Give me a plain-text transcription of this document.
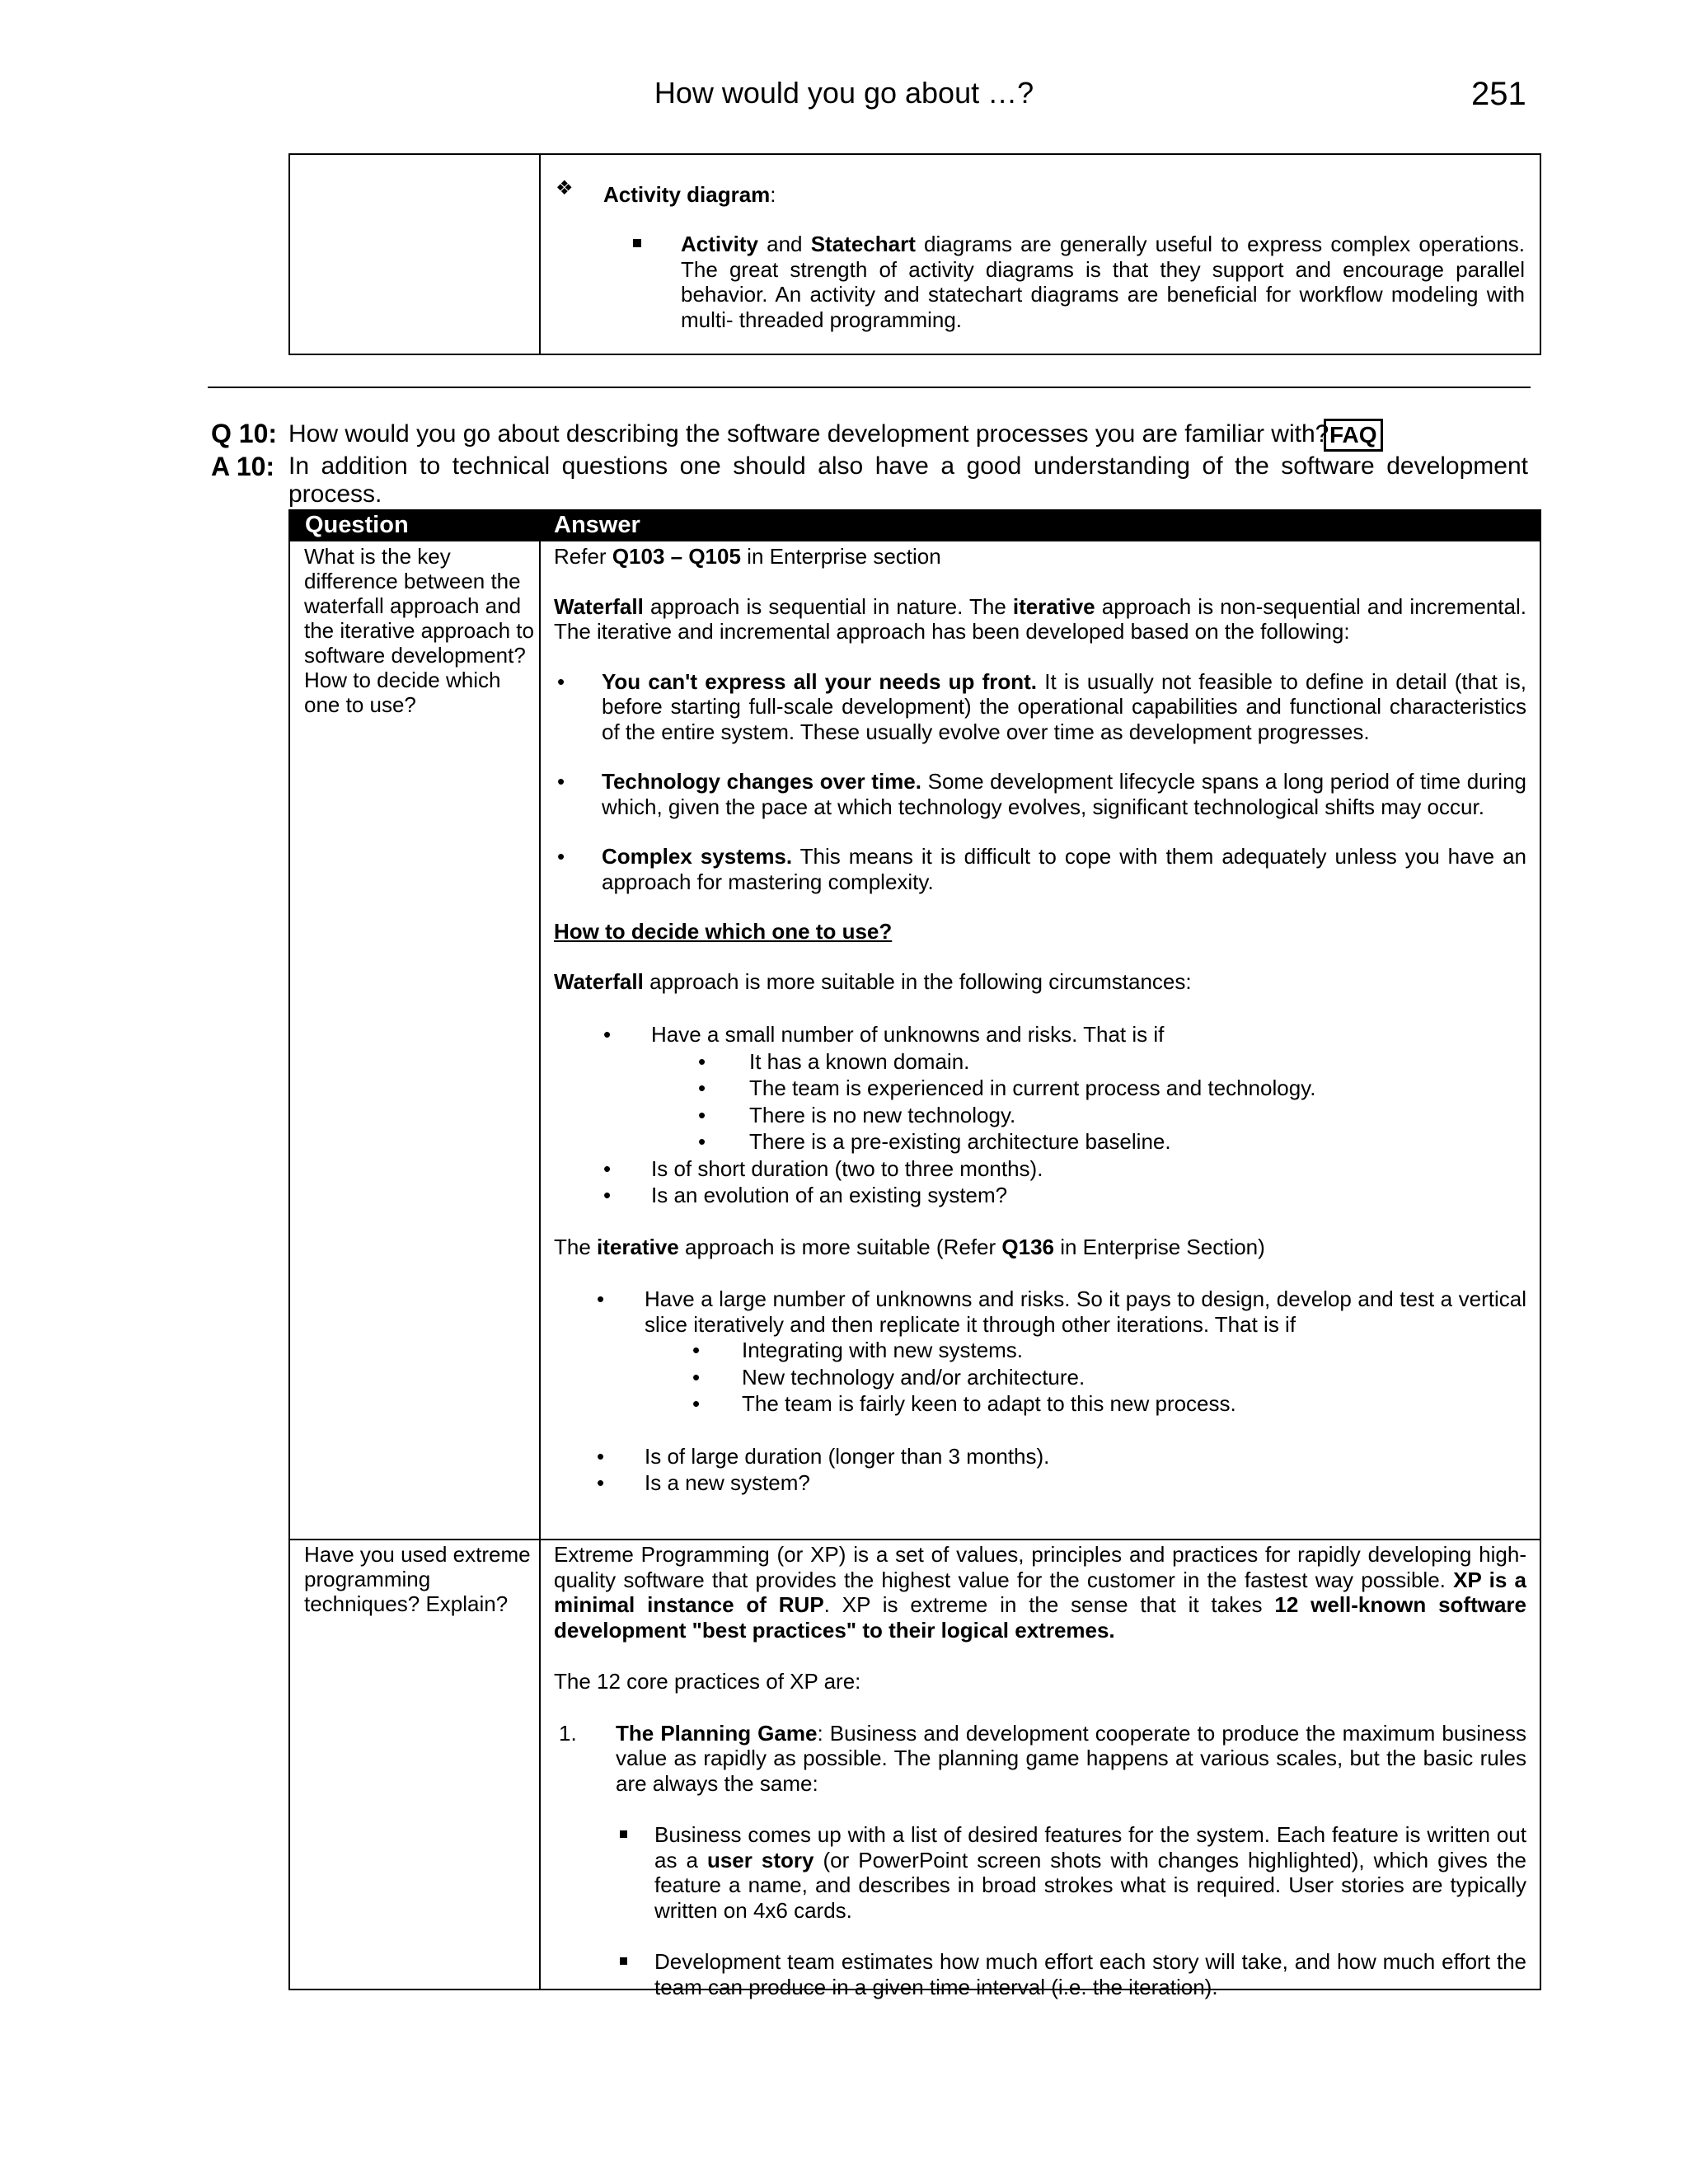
How would you go about …?	251
❖ Activity diagram:
Activity and Statechart diagrams are generally useful to express complex operations. The great strength of activity diagrams is that they support and encourage parallel behavior. An activity and statechart diagrams are beneficial for workflow modeling with multi- threaded programming.
Q 10: How would you go about describing the software development processes you are familiar with? FAQ
A 10: In addition to technical questions one should also have a good understanding of the software development process.
Question	Answer
What is the key difference between the waterfall approach and the iterative approach to software development? How to decide which one to use?
Refer Q103 – Q105 in Enterprise section
Waterfall approach is sequential in nature. The iterative approach is non-sequential and incremental. The iterative and incremental approach has been developed based on the following:
• You can't express all your needs up front. It is usually not feasible to define in detail (that is, before starting full-scale development) the operational capabilities and functional characteristics of the entire system. These usually evolve over time as development progresses.
• Technology changes over time. Some development lifecycle spans a long period of time during which, given the pace at which technology evolves, significant technological shifts may occur.
• Complex systems. This means it is difficult to cope with them adequately unless you have an approach for mastering complexity.
How to decide which one to use?
Waterfall approach is more suitable in the following circumstances:
• Have a small number of unknowns and risks. That is if
• It has a known domain.
• The team is experienced in current process and technology.
• There is no new technology.
• There is a pre-existing architecture baseline.
• Is of short duration (two to three months).
• Is an evolution of an existing system?
The iterative approach is more suitable (Refer Q136 in Enterprise Section)
• Have a large number of unknowns and risks. So it pays to design, develop and test a vertical slice iteratively and then replicate it through other iterations. That is if
• Integrating with new systems.
• New technology and/or architecture.
• The team is fairly keen to adapt to this new process.
• Is of large duration (longer than 3 months).
• Is a new system?
Have you used extreme programming techniques? Explain?
Extreme Programming (or XP) is a set of values, principles and practices for rapidly developing high-quality software that provides the highest value for the customer in the fastest way possible. XP is a minimal instance of RUP. XP is extreme in the sense that it takes 12 well-known software development "best practices" to their logical extremes.
The 12 core practices of XP are:
1. The Planning Game: Business and development cooperate to produce the maximum business value as rapidly as possible. The planning game happens at various scales, but the basic rules are always the same:
Business comes up with a list of desired features for the system. Each feature is written out as a user story (or PowerPoint screen shots with changes highlighted), which gives the feature a name, and describes in broad strokes what is required. User stories are typically written on 4x6 cards.
Development team estimates how much effort each story will take, and how much effort the team can produce in a given time interval (i.e. the iteration).
